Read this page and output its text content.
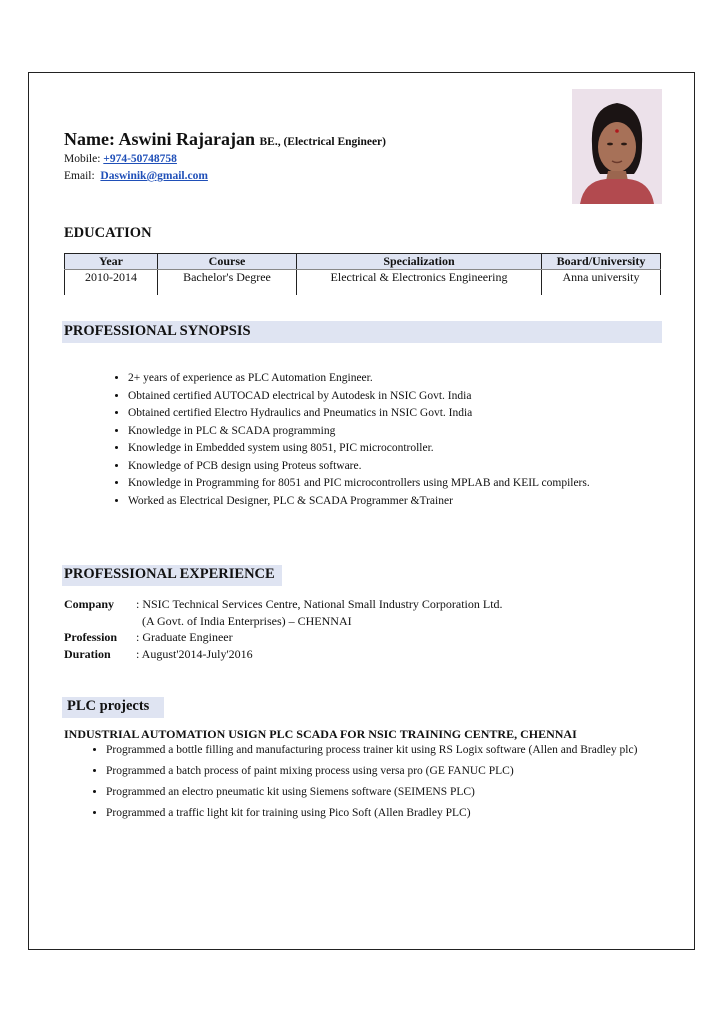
Name: Aswini Rajarajan BE., (Electrical Engineer)
Mobile: +974-50748758
Email: Daswinik@gmail.com
EDUCATION
Year	Course	Specialization	Board/University
2010-2014	Bachelor's Degree	Electrical & Electronics Engineering	Anna university
PROFESSIONAL SYNOPSIS
• 2+ years of experience as PLC Automation Engineer.
• Obtained certified AUTOCAD electrical by Autodesk in NSIC Govt. India
• Obtained certified Electro Hydraulics and Pneumatics in NSIC Govt. India
• Knowledge in PLC & SCADA programming
• Knowledge in Embedded system using 8051, PIC microcontroller.
• Knowledge of PCB design using Proteus software.
• Knowledge in Programming for 8051 and PIC microcontrollers using MPLAB and KEIL compilers.
• Worked as Electrical Designer, PLC & SCADA Programmer &Trainer
PROFESSIONAL EXPERIENCE
Company	: NSIC Technical Services Centre, National Small Industry Corporation Ltd.
(A Govt. of India Enterprises) – CHENNAI
Profession	: Graduate Engineer
Duration	: August'2014-July'2016
PLC projects
INDUSTRIAL AUTOMATION USIGN PLC SCADA FOR NSIC TRAINING CENTRE, CHENNAI
• Programmed a bottle filling and manufacturing process trainer kit using RS Logix software (Allen and Bradley plc)
• Programmed a batch process of paint mixing process using versa pro (GE FANUC PLC)
• Programmed an electro pneumatic kit using Siemens software (SEIMENS PLC)
• Programmed a traffic light kit for training using Pico Soft (Allen Bradley PLC)
